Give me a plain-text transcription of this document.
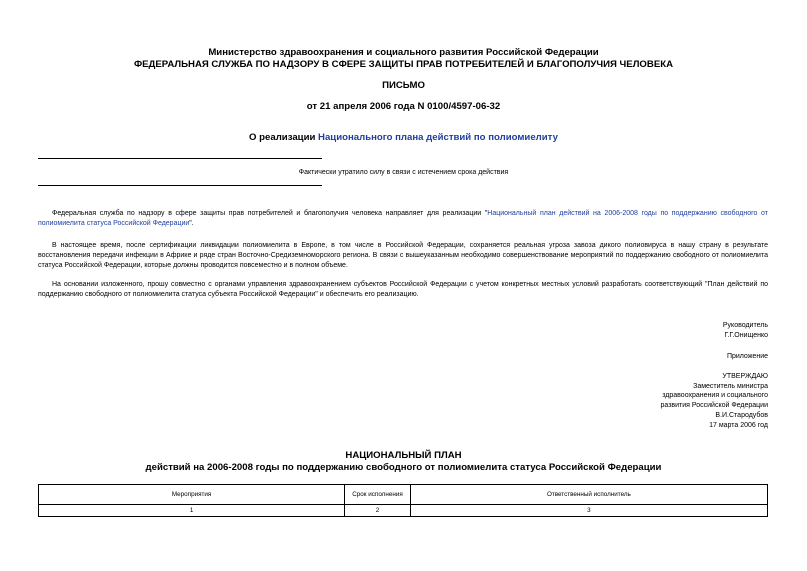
Министерство здравоохранения и социального развития Российской Федерации
ФЕДЕРАЛЬНАЯ СЛУЖБА ПО НАДЗОРУ В СФЕРЕ ЗАЩИТЫ ПРАВ ПОТРЕБИТЕЛЕЙ И БЛАГОПОЛУЧИЯ ЧЕЛОВЕКА
ПИСЬМО
от 21 апреля 2006 года N 0100/4597-06-32
О реализации Национального плана действий по полиомиелиту
Фактически утратило силу в связи с истечением срока действия
Федеральная служба по надзору в сфере защиты прав потребителей и благополучия человека направляет для реализации "Национальный план действий на 2006-2008 годы по поддержанию свободного от полиомиелита статуса Российской Федерации".
В настоящее время, после сертификации ликвидации полиомиелита в Европе, в том числе в Российской Федерации, сохраняется реальная угроза завоза дикого полиовируса в нашу страну в результате восстановления передачи инфекции в Африке и ряде стран Восточно-Средиземноморского региона. В связи с вышеуказанным необходимо совершенствование мероприятий по поддержанию свободного от полиомиелита статуса Российской Федерации, которые должны проводится повсеместно и в полном объеме.
На основании изложенного, прошу совместно с органами управления здравоохранением субъектов Российской Федерации с учетом конкретных местных условий разработать соответствующий "План действий по поддержанию свободного от полиомиелита статуса субъекта Российской Федерации" и обеспечить его реализацию.
Руководитель
Г.Г.Онищенко
Приложение
УТВЕРЖДАЮ
Заместитель министра
здравоохранения и социального
развития Российской Федерации
В.И.Стародубов
17 марта 2006 год
НАЦИОНАЛЬНЫЙ ПЛАН
действий на 2006-2008 годы по поддержанию свободного от полиомиелита статуса Российской Федерации
Мероприятия	Срок исполнения	Ответственный исполнитель
1	2	3
